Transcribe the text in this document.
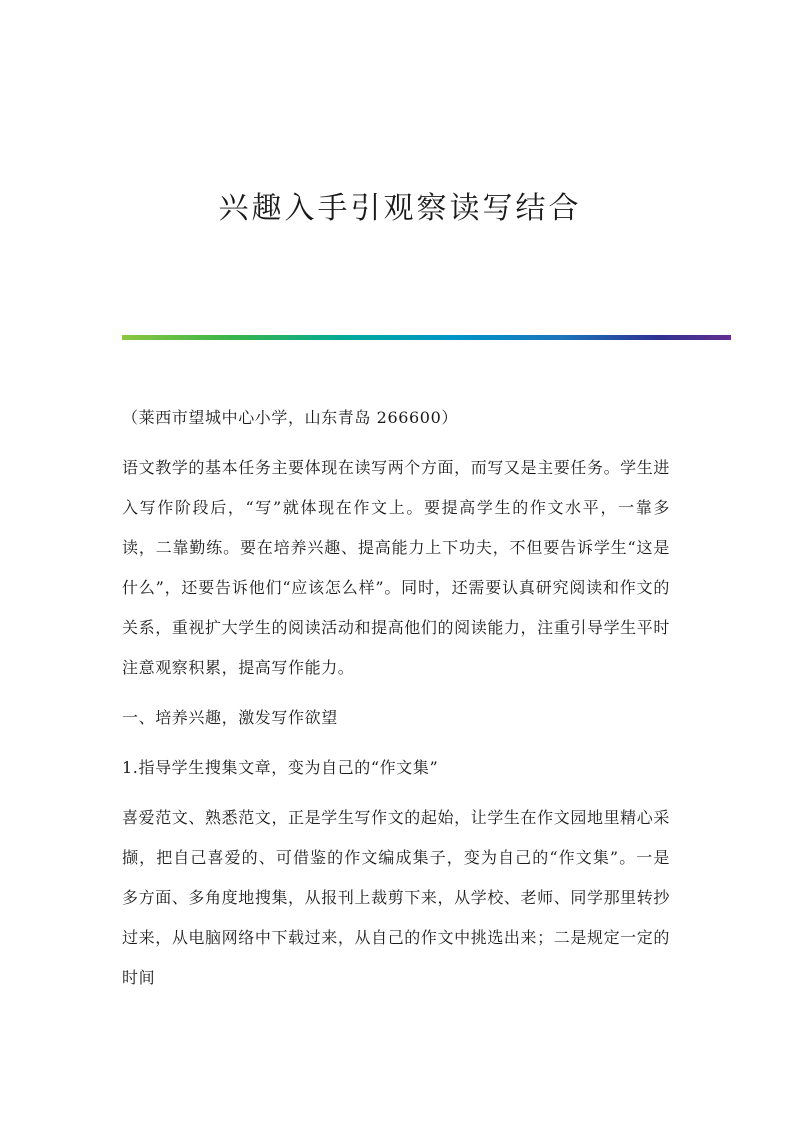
兴趣入手引观察读写结合

（莱西市望城中心小学，山东青岛 266600）

语文教学的基本任务主要体现在读写两个方面，而写又是主要任务。学生进入写作阶段后，“写”就体现在作文上。要提高学生的作文水平，一靠多读，二靠勤练。要在培养兴趣、提高能力上下功夫，不但要告诉学生“这是什么”，还要告诉他们“应该怎么样”。同时，还需要认真研究阅读和作文的关系，重视扩大学生的阅读活动和提高他们的阅读能力，注重引导学生平时注意观察积累，提高写作能力。

一、培养兴趣，激发写作欲望

1.指导学生搜集文章，变为自己的“作文集”

喜爱范文、熟悉范文，正是学生写作文的起始，让学生在作文园地里精心采撷，把自己喜爱的、可借鉴的作文编成集子，变为自己的“作文集”。一是多方面、多角度地搜集，从报刊上裁剪下来，从学校、老师、同学那里转抄过来，从电脑网络中下载过来，从自己的作文中挑选出来；二是规定一定的时间
